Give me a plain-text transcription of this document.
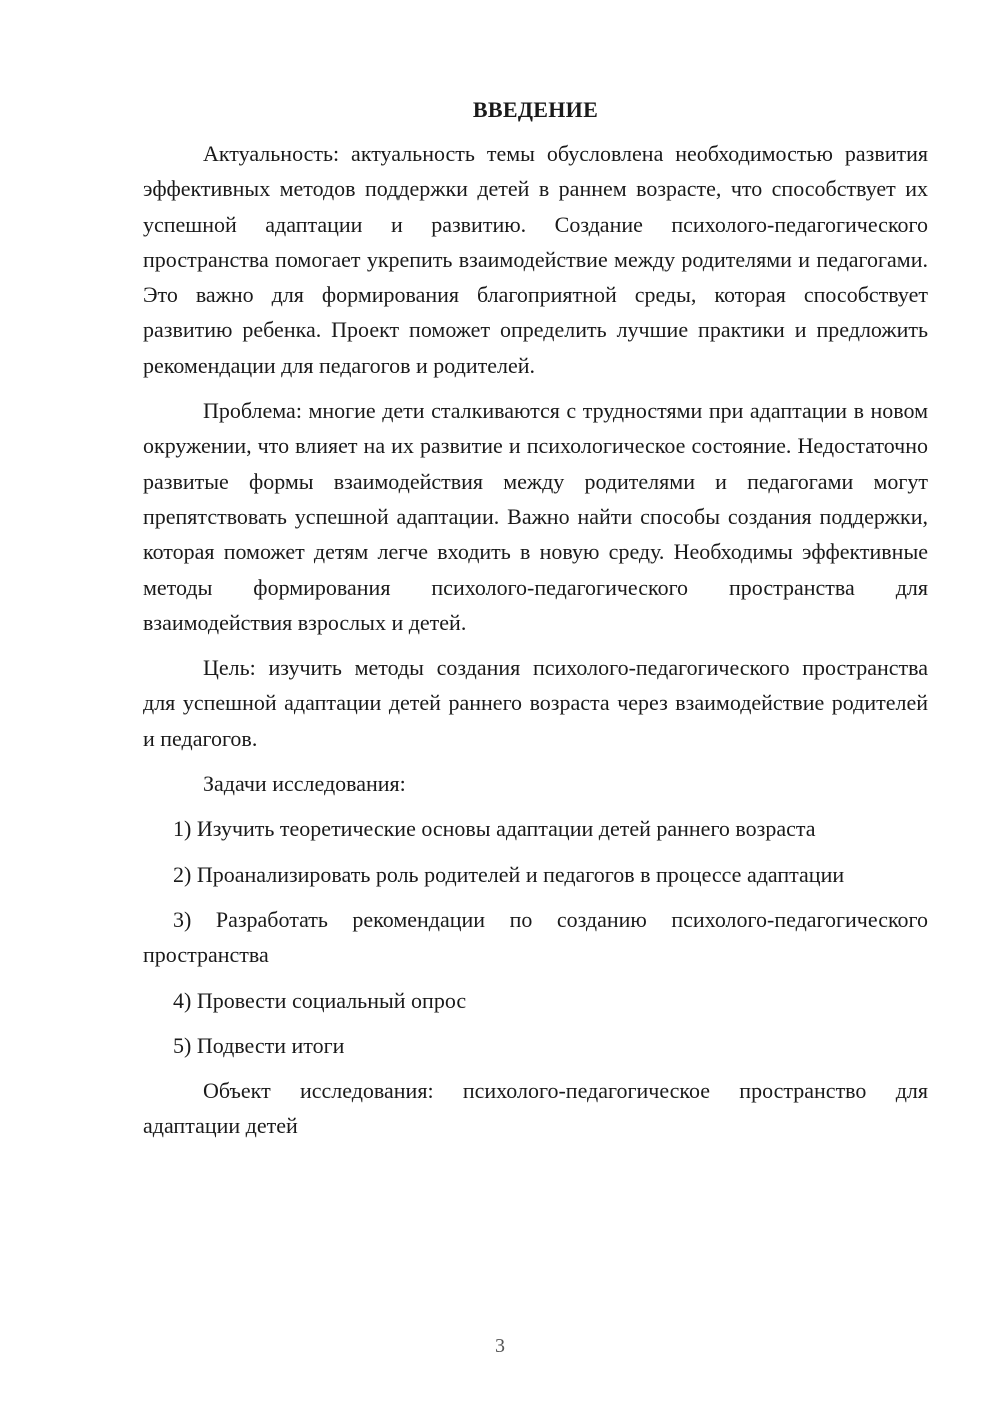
ВВЕДЕНИЕ

Актуальность: актуальность темы обусловлена необходимостью развития эффективных методов поддержки детей в раннем возрасте, что способствует их успешной адаптации и развитию. Создание психолого-педагогического пространства помогает укрепить взаимодействие между родителями и педагогами. Это важно для формирования благоприятной среды, которая способствует развитию ребенка. Проект поможет определить лучшие практики и предложить рекомендации для педагогов и родителей.

Проблема: многие дети сталкиваются с трудностями при адаптации в новом окружении, что влияет на их развитие и психологическое состояние. Недостаточно развитые формы взаимодействия между родителями и педагогами могут препятствовать успешной адаптации. Важно найти способы создания поддержки, которая поможет детям легче входить в новую среду. Необходимы эффективные методы формирования психолого-педагогического пространства для взаимодействия взрослых и детей.

Цель: изучить методы создания психолого-педагогического пространства для успешной адаптации детей раннего возраста через взаимодействие родителей и педагогов.

Задачи исследования:

1) Изучить теоретические основы адаптации детей раннего возраста

2) Проанализировать роль родителей и педагогов в процессе адаптации

3) Разработать рекомендации по созданию психолого-педагогического пространства

4) Провести социальный опрос

5) Подвести итоги

Объект исследования: психолого-педагогическое пространство для адаптации детей

3
